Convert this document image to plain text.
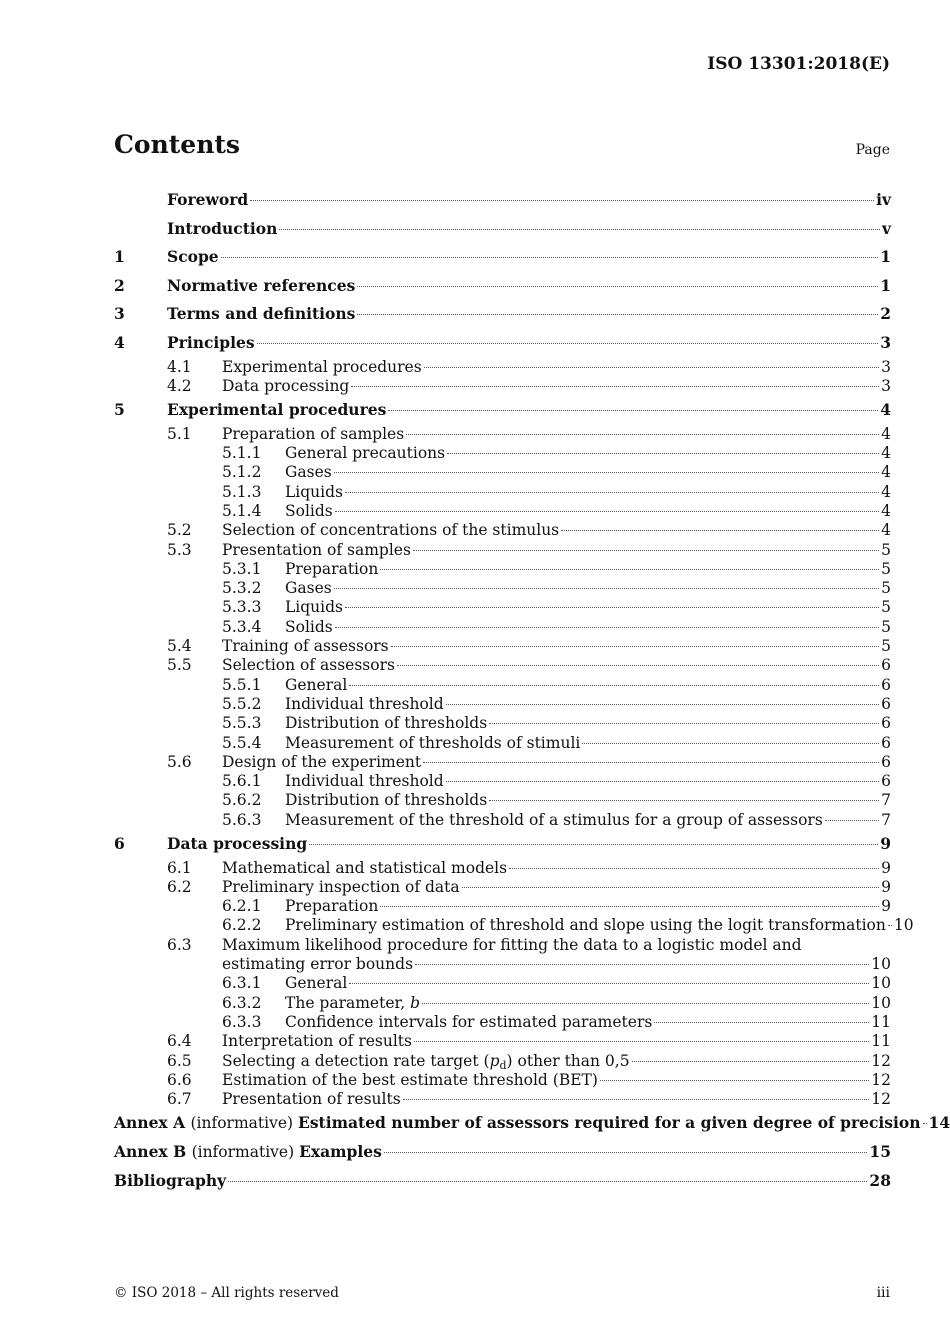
ISO 13301:2018(E)
Contents	Page
Foreword	iv
Introduction	v
1	Scope	1
2	Normative references	1
3	Terms and definitions	2
4	Principles	3
4.1	Experimental procedures	3
4.2	Data processing	3
5	Experimental procedures	4
5.1	Preparation of samples	4
5.1.1	General precautions	4
5.1.2	Gases	4
5.1.3	Liquids	4
5.1.4	Solids	4
5.2	Selection of concentrations of the stimulus	4
5.3	Presentation of samples	5
5.3.1	Preparation	5
5.3.2	Gases	5
5.3.3	Liquids	5
5.3.4	Solids	5
5.4	Training of assessors	5
5.5	Selection of assessors	6
5.5.1	General	6
5.5.2	Individual threshold	6
5.5.3	Distribution of thresholds	6
5.5.4	Measurement of thresholds of stimuli	6
5.6	Design of the experiment	6
5.6.1	Individual threshold	6
5.6.2	Distribution of thresholds	7
5.6.3	Measurement of the threshold of a stimulus for a group of assessors	7
6	Data processing	9
6.1	Mathematical and statistical models	9
6.2	Preliminary inspection of data	9
6.2.1	Preparation	9
6.2.2	Preliminary estimation of threshold and slope using the logit transformation 10
6.3	Maximum likelihood procedure for fitting the data to a logistic model and
estimating error bounds	10
6.3.1	General	10
6.3.2	The parameter, b	10
6.3.3	Confidence intervals for estimated parameters	11
6.4	Interpretation of results	11
6.5	Selecting a detection rate target (pd) other than 0,5	12
6.6	Estimation of the best estimate threshold (BET)	12
6.7	Presentation of results	12
Annex A (informative) Estimated number of assessors required for a given degree of precision 14
Annex B (informative) Examples	15
Bibliography	28
© ISO 2018 – All rights reserved	iii
